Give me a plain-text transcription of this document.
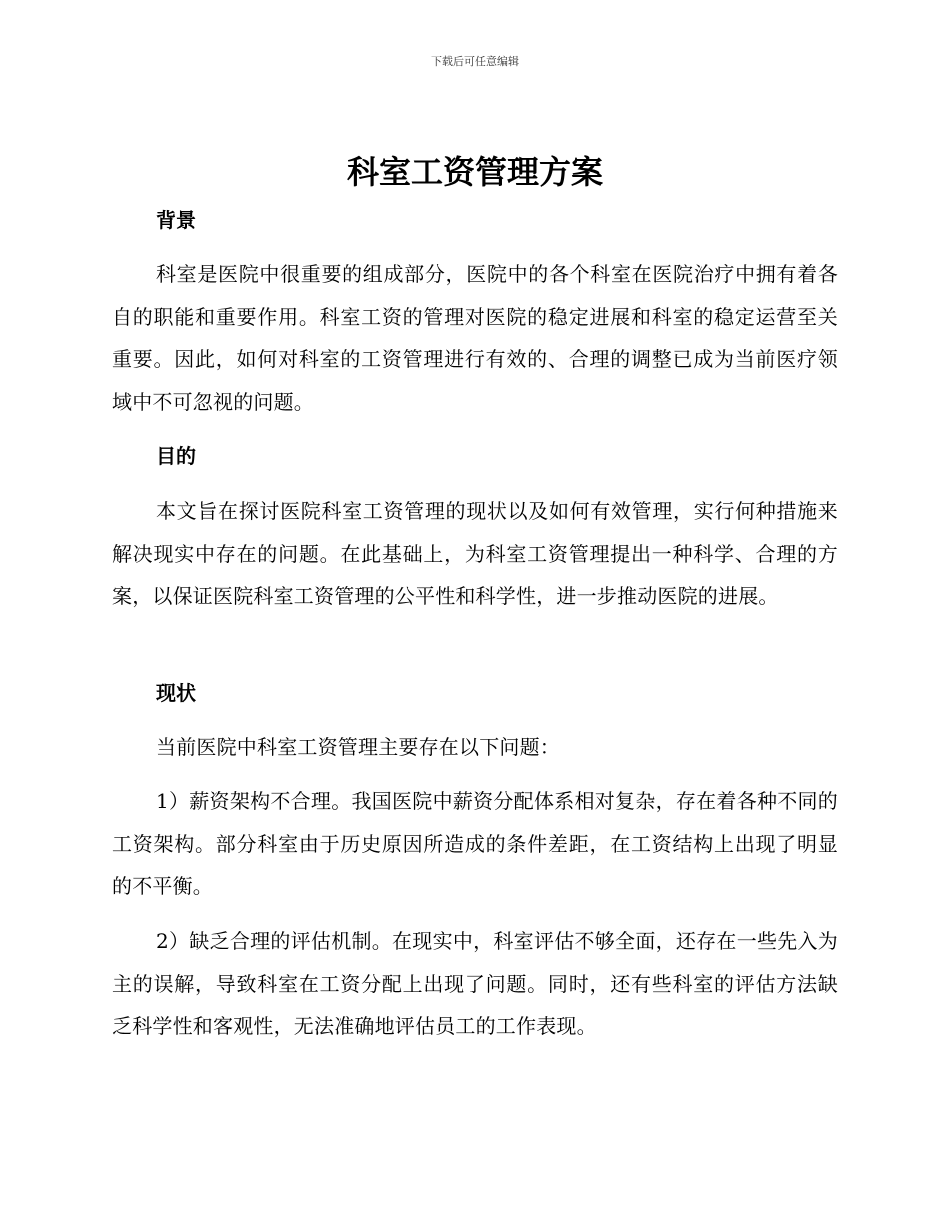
下载后可任意编辑
科室工资管理方案
背景

科室是医院中很重要的组成部分，医院中的各个科室在医院治疗中拥有着各自的职能和重要作用。科室工资的管理对医院的稳定进展和科室的稳定运营至关重要。因此，如何对科室的工资管理进行有效的、合理的调整已成为当前医疗领域中不可忽视的问题。

目的

本文旨在探讨医院科室工资管理的现状以及如何有效管理，实行何种措施来解决现实中存在的问题。在此基础上，为科室工资管理提出一种科学、合理的方案，以保证医院科室工资管理的公平性和科学性，进一步推动医院的进展。

现状

当前医院中科室工资管理主要存在以下问题：

1）薪资架构不合理。我国医院中薪资分配体系相对复杂，存在着各种不同的工资架构。部分科室由于历史原因所造成的条件差距，在工资结构上出现了明显的不平衡。

2）缺乏合理的评估机制。在现实中，科室评估不够全面，还存在一些先入为主的误解，导致科室在工资分配上出现了问题。同时，还有些科室的评估方法缺乏科学性和客观性，无法准确地评估员工的工作表现。
